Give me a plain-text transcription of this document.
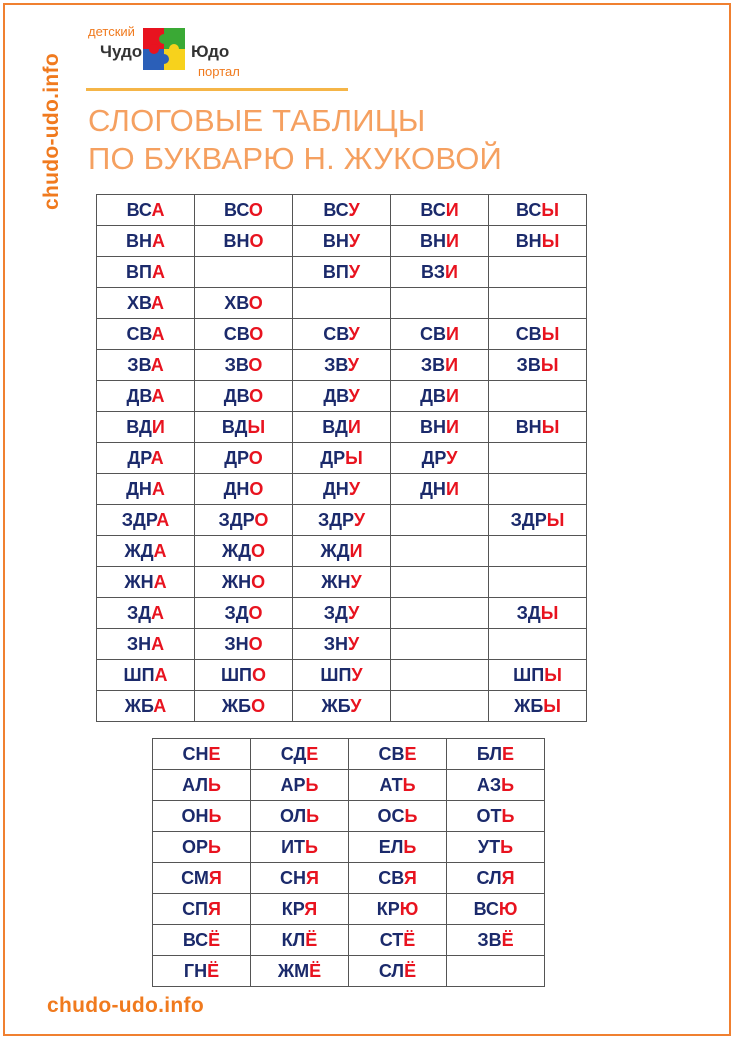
chudo-udo.info
детский
Чудо	Юдо
портал
СЛОГОВЫЕ ТАБЛИЦЫ
ПО БУКВАРЮ Н. ЖУКОВОЙ
ВСА	ВСО	ВСУ	ВСИ	ВСЫ
ВНА	ВНО	ВНУ	ВНИ	ВНЫ
ВПА		ВПУ	ВЗИ	
ХВА	ХВО			
СВА	СВО	СВУ	СВИ	СВЫ
ЗВА	ЗВО	ЗВУ	ЗВИ	ЗВЫ
ДВА	ДВО	ДВУ	ДВИ	
ВДИ	ВДЫ	ВДИ	ВНИ	ВНЫ
ДРА	ДРО	ДРЫ	ДРУ	
ДНА	ДНО	ДНУ	ДНИ	
ЗДРА	ЗДРО	ЗДРУ		ЗДРЫ
ЖДА	ЖДО	ЖДИ		
ЖНА	ЖНО	ЖНУ		
ЗДА	ЗДО	ЗДУ		ЗДЫ
ЗНА	ЗНО	ЗНУ		
ШПА	ШПО	ШПУ		ШПЫ
ЖБА	ЖБО	ЖБУ		ЖБЫ
СНЕ	СДЕ	СВЕ	БЛЕ
АЛЬ	АРЬ	АТЬ	АЗЬ
ОНЬ	ОЛЬ	ОСЬ	ОТЬ
ОРЬ	ИТЬ	ЕЛЬ	УТЬ
СМЯ	СНЯ	СВЯ	СЛЯ
СПЯ	КРЯ	КРЮ	ВСЮ
ВСЁ	КЛЁ	СТЁ	ЗВЁ
ГНЁ	ЖМЁ	СЛЁ	
chudo-udo.info
